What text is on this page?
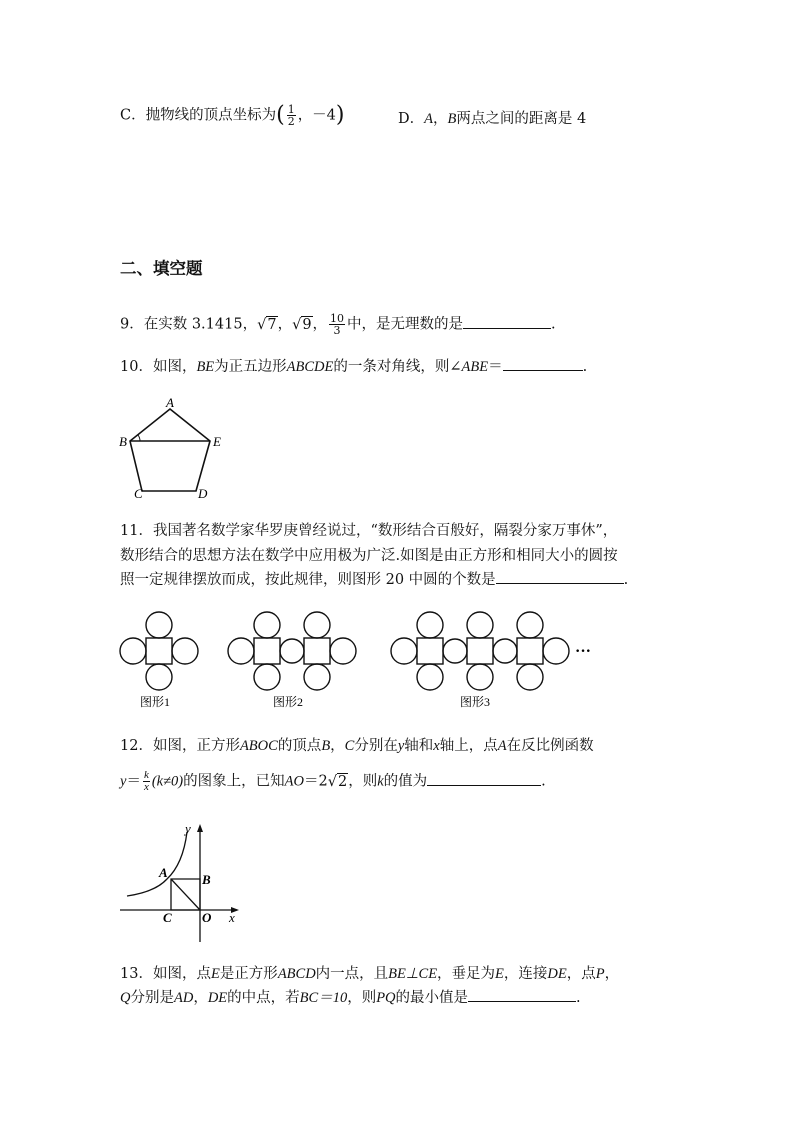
C．抛物线的顶点坐标为( $\frac{1}{2}$ ，－4)	D．A，B两点之间的距离是 4
二、填空题
9．在实数 3.1415，√7，√9， $\frac{10}{3}$ 中，是无理数的是	.
10．如图，BE为正五边形ABCDE的一条对角线，则∠ABE＝	.
A
B	E
C	D
11．我国著名数学家华罗庚曾经说过，“数形结合百般好，隔裂分家万事休”，
数形结合的思想方法在数学中应用极为广泛.如图是由正方形和相同大小的圆按
照一定规律摆放而成，按此规律，则图形 20 中圆的个数是	.
···
图形1	图形2	图形3
12．如图，正方形ABOC的顶点B，C分别在y轴和x轴上，点A在反比例函数
$y= \frac{k}{x} (k\ne 0)$的图象上，已知AO＝2√2，则k的值为	.
y
A	B
C O x
13．如图，点E是正方形ABCD内一点，且BE⊥CE，垂足为E，连接DE，点P，
Q分别是AD，DE的中点，若BC＝10，则PQ的最小值是	.
